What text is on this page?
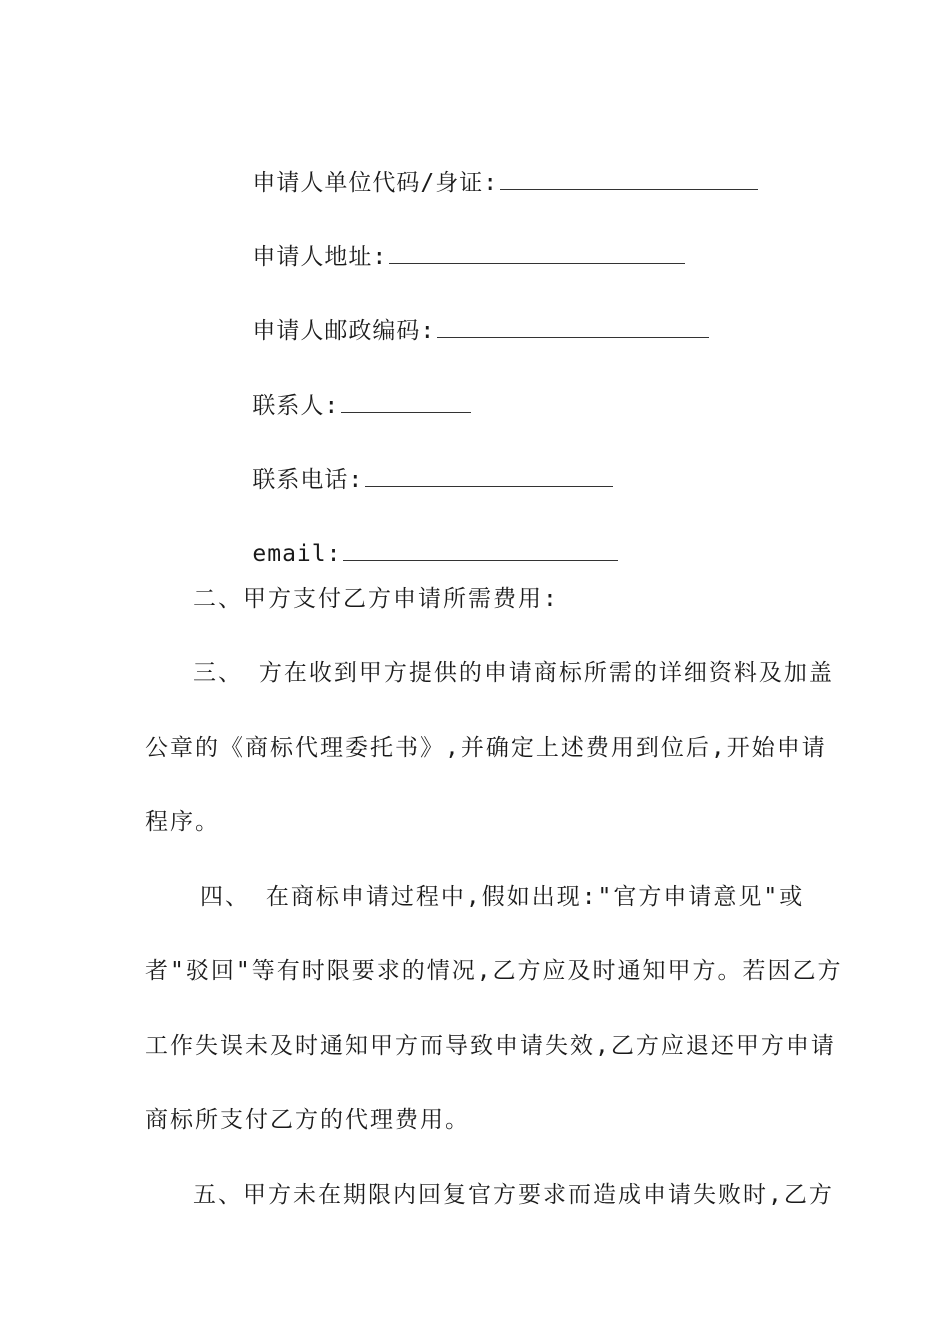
申请人单位代码/身证:

申请人地址:

申请人邮政编码:

联系人:

联系电话:

email:

二、甲方支付乙方申请所需费用:
三、 方在收到甲方提供的申请商标所需的详细资料及加盖
公章的《商标代理委托书》,并确定上述费用到位后,开始申请
程序。
四、 在商标申请过程中,假如出现:"官方申请意见"或
者"驳回"等有时限要求的情况,乙方应及时通知甲方。若因乙方
工作失误未及时通知甲方而导致申请失效,乙方应退还甲方申请
商标所支付乙方的代理费用。
五、甲方未在期限内回复官方要求而造成申请失败时,乙方
